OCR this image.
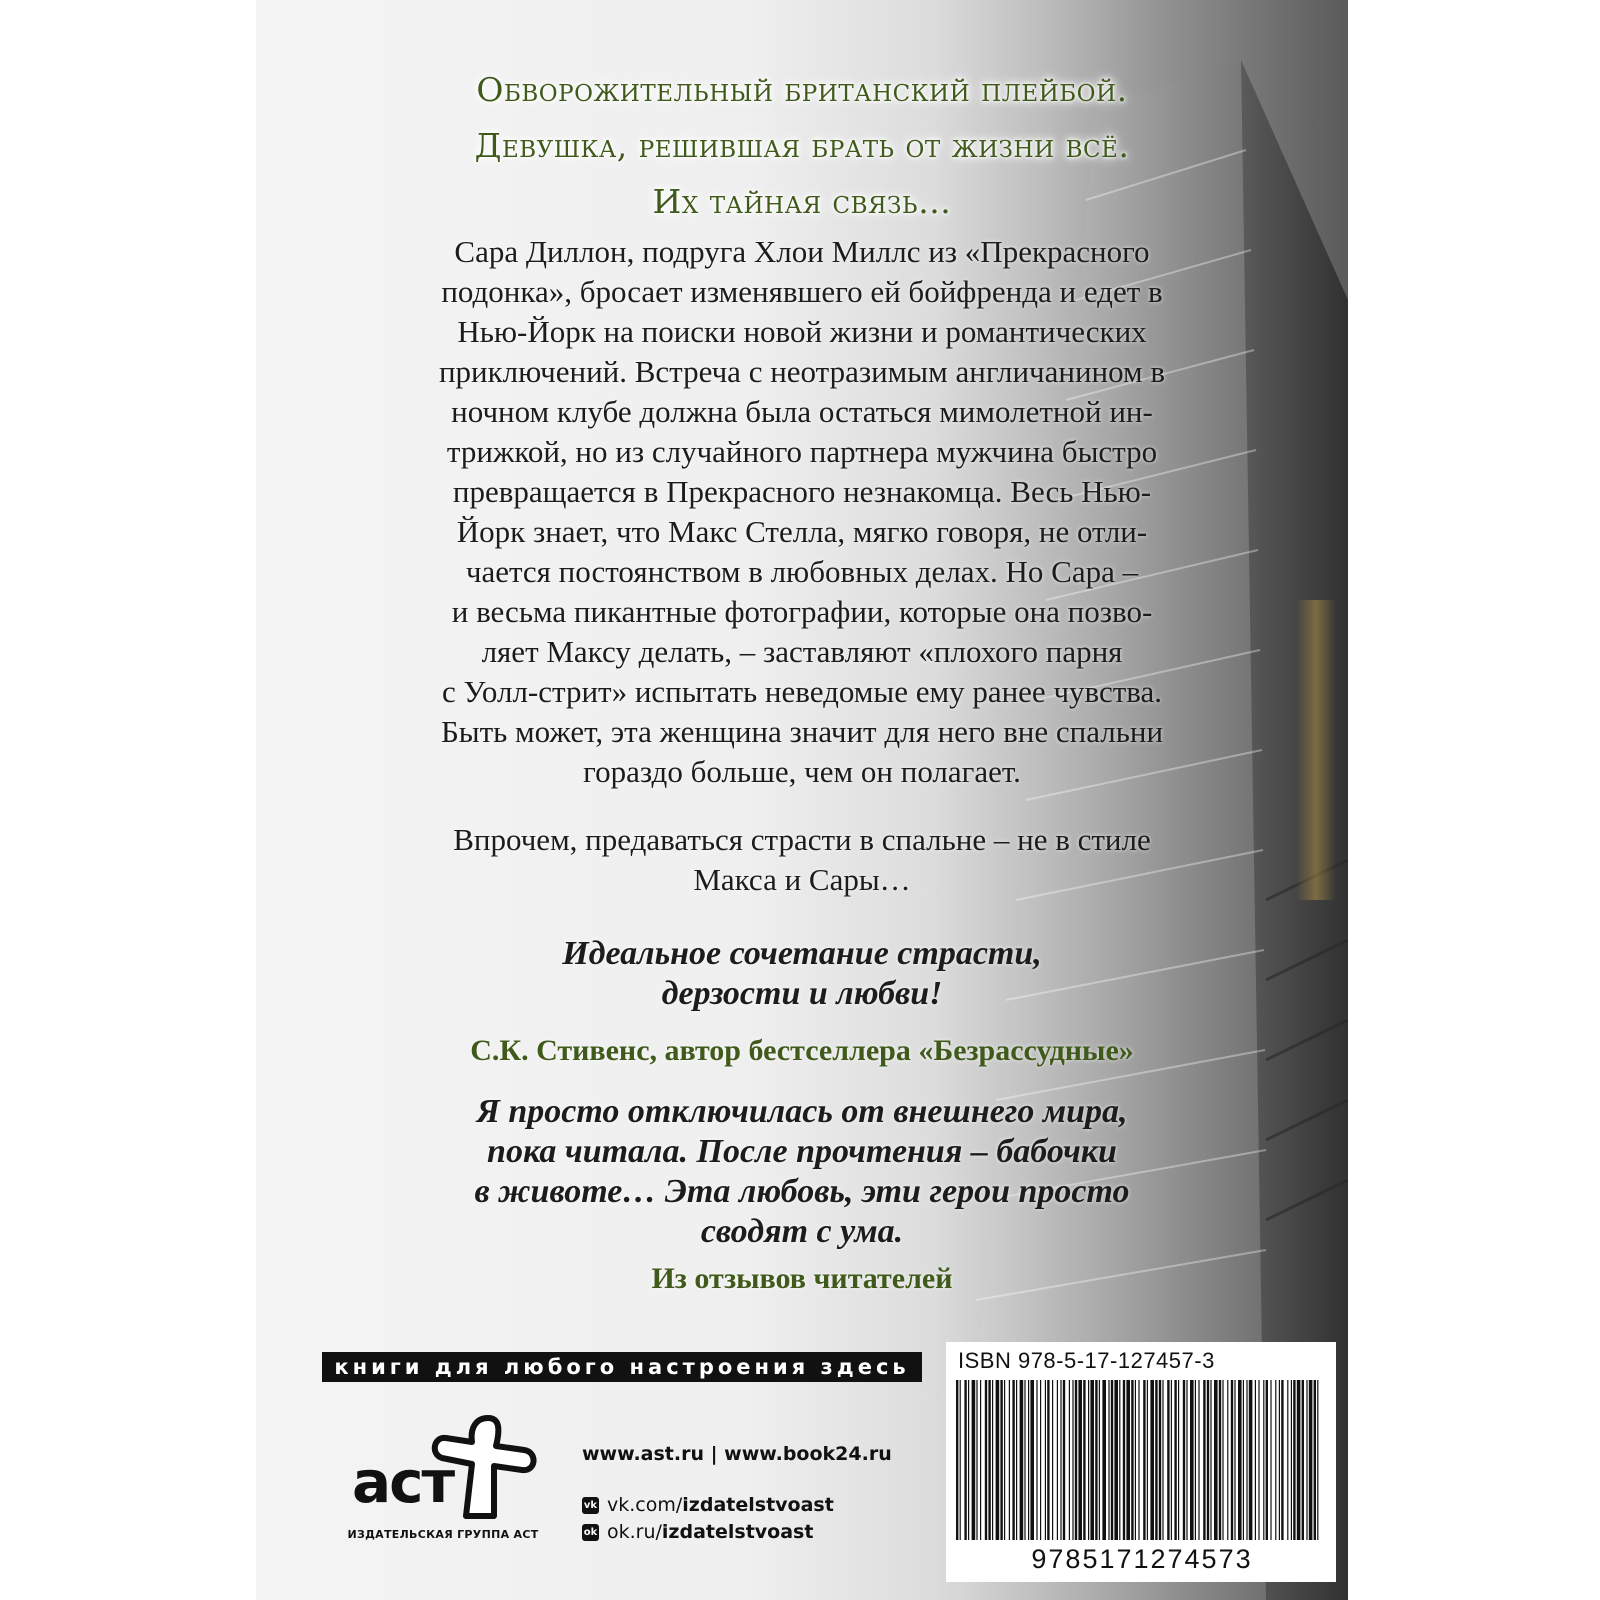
Обворожительный британский плейбой.
Девушка, решившая брать от жизни всё.
Их тайная связь…
Сара Диллон, подруга Хлои Миллс из «Прекрасного
подонка», бросает изменявшего ей бойфренда и едет в
Нью-Йорк на поиски новой жизни и романтических
приключений. Встреча с неотразимым англичанином в
ночном клубе должна была остаться мимолетной ин-
трижкой, но из случайного партнера мужчина быстро
превращается в Прекрасного незнакомца. Весь Нью-
Йорк знает, что Макс Стелла, мягко говоря, не отли-
чается постоянством в любовных делах. Но Сара –
и весьма пикантные фотографии, которые она позво-
ляет Максу делать, – заставляют «плохого парня
с Уолл-стрит» испытать неведомые ему ранее чувства.
Быть может, эта женщина значит для него вне спальни
гораздо больше, чем он полагает.
Впрочем, предаваться страсти в спальне – не в стиле
Макса и Сары…
Идеальное сочетание страсти,
дерзости и любви!
С.К. Стивенс, автор бестселлера «Безрассудные»
Я просто отключилась от внешнего мира,
пока читала. После прочтения – бабочки
в животе… Эта любовь, эти герои просто
сводят с ума.
Из отзывов читателей
книги для любого настроения здесь
аст
ИЗДАТЕЛЬСКАЯ ГРУППА АСТ
www.ast.ru | www.book24.ru
vk vk.com/ izdatelstvoast
ok ok.ru/ izdatelstvoast
ISBN 978-5-17-127457-3
9785171274573
